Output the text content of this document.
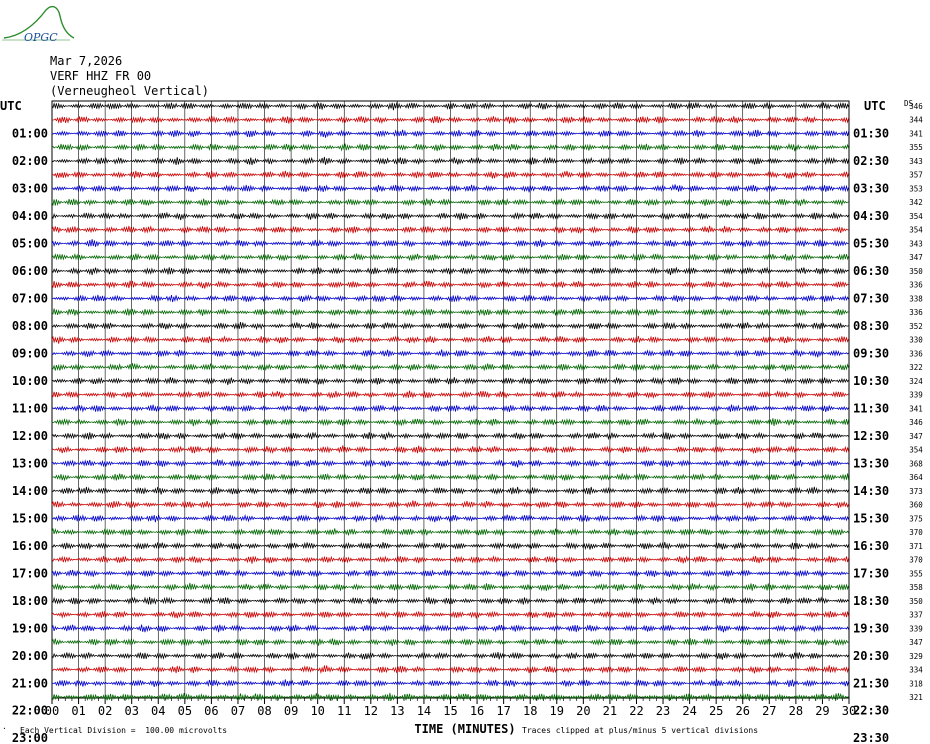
OPGC
00 01 02 03 04 05 06 07 08 09 10 11 12 13 14 15 16 17 18 19 20 21 22 23 24 25 26 27 28 29 30
346
344
341
355
343
357
353
342
354
354
343
347
350
336
338
336
352
330
336
322
324
339
341
346
347
354
368
364
373
360
375
370
371
370
355
358
350
337
339
347
329
334
318
321
UTC	UTC DS
01:00	01:30
02:00	02:30
03:00	03:30
04:00	04:30
05:00	05:30
06:00	06:30
07:00	07:30
08:00	08:30
09:00	09:30
10:00	10:30
11:00	11:30
12:00	12:30
13:00	13:30
14:00	14:30
15:00	15:30
16:00	16:30
17:00	17:30
18:00	18:30
19:00	19:30
20:00	20:30
21:00	21:30
22:00	22:30
23:00	23:30
TIME (MINUTES)
Mar 7,2026
VERF HHZ FR 00
(Verneugheol Vertical)
· Each Vertical Division =  100.00 microvolts	Traces clipped at plus/minus 5 vertical divisions
